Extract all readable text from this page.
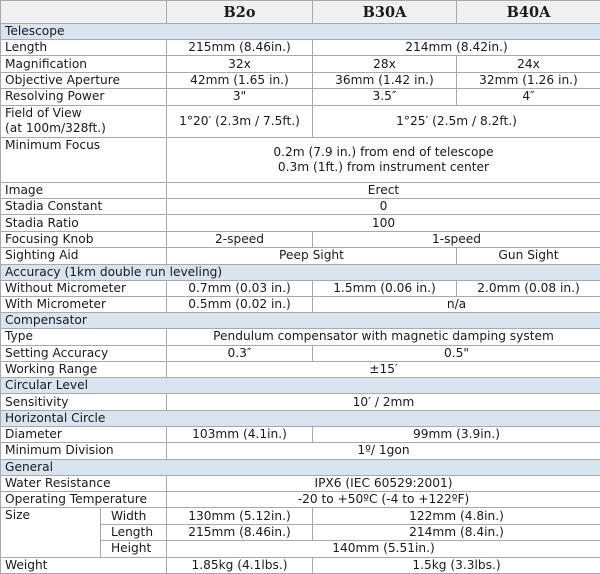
		B2o	B30A	B40A
Telescope				
Length		215mm (8.46in.)	214mm (8.42in.)	
Magnification		32x	28x	24x
Objective Aperture		42mm (1.65 in.)	36mm (1.42 in.)	32mm (1.26 in.)
Resolving Power		3"	3.5″	4″

Field of View
(at 100m/328ft.)		1°20′ (2.3m / 7.5ft.)	1°25′ (2.5m / 8.2ft.)	
Minimum Focus		0.2m (7.9 in.) from end of telescope
0.3m (1ft.) from instrument center		

Image		Erect		
Stadia Constant		0		
Stadia Ratio		100		
Focusing Knob		2-speed	1-speed	
Sighting Aid		Peep Sight		Gun Sight
Accuracy (1km double run leveling)				
Without Micrometer		0.7mm (0.03 in.)	1.5mm (0.06 in.)	2.0mm (0.08 in.)
With Micrometer		0.5mm (0.02 in.)	n/a	
Compensator				
Type		Pendulum compensator with magnetic damping system		
Setting Accuracy		0.3″	0.5"	
Working Range		±15′		
Circular Level				
Sensitivity		10′ / 2mm		
Horizontal Circle				
Diameter		103mm (4.1in.)	99mm (3.9in.)	
Minimum Division		1º/ 1gon		
General				
Water Resistance		IPX6 (IEC 60529:2001)		
Operating Temperature		-20 to +50ºC (-4 to +122ºF)		
Size	Width	130mm (5.12in.)	122mm (4.8in.)	
	Length	215mm (8.46in.)	214mm (8.4in.)	
	Height	140mm (5.51in.)		
Weight		1.85kg (4.1lbs.)	1.5kg (3.3lbs.)	
